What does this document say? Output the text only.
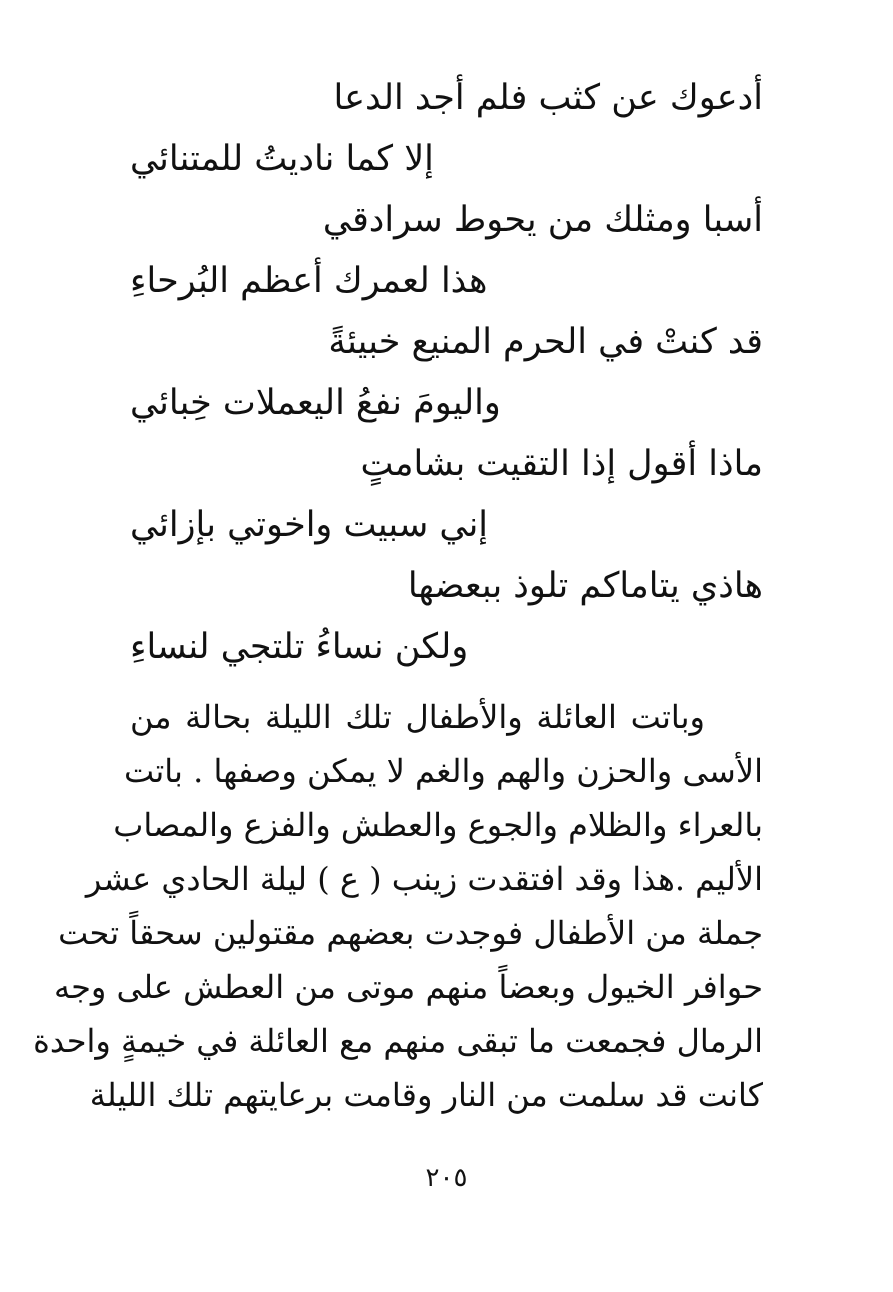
أدعوك عن كثب فلم أجد الدعا
إلا كما ناديتُ للمتنائي
أسبا ومثلك من يحوط سرادقي
هذا لعمرك أعظم البُرحاءِ
قد كنتْ في الحرم المنيع خبيئةً
واليومَ نفعُ اليعملات خِبائي
ماذا أقول إذا التقيت بشامتٍ
إني سبيت واخوتي بإزائي
هاذي يتاماكم تلوذ ببعضها
ولكن نساءُ تلتجي لنساءِ
وباتت العائلة والأطفال تلك الليلة بحالة من
الأسى والحزن والهم والغم لا يمكن وصفها . باتت
بالعراء والظلام والجوع والعطش والفزع والمصاب
الأليم .هذا وقد افتقدت زينب ( ع ) ليلة الحادي عشر
جملة من الأطفال فوجدت بعضهم مقتولين سحقاً تحت
حوافر الخيول وبعضاً منهم موتى من العطش على وجه
الرمال فجمعت ما تبقى منهم مع العائلة في خيمةٍ واحدة
كانت قد سلمت من النار وقامت برعايتهم تلك الليلة
٢٠٥
